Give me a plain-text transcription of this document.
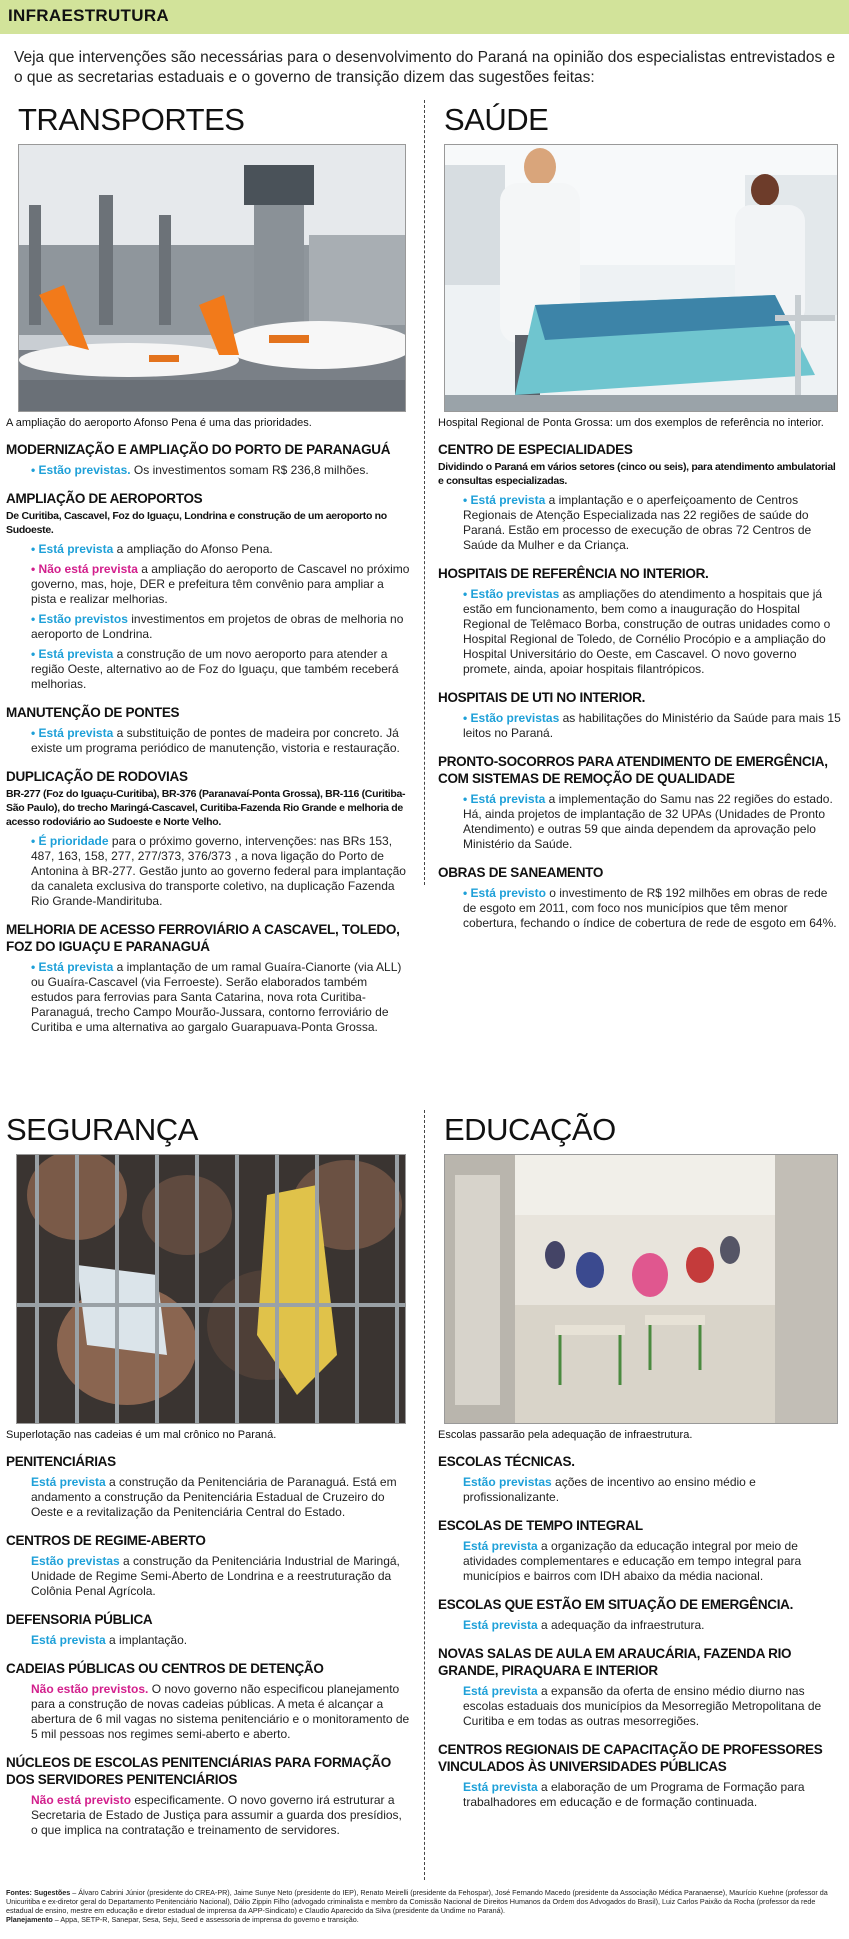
INFRAESTRUTURA
Veja que intervenções são necessárias para o desenvolvimento do Paraná na opinião dos especialistas entrevistados e o que as secretarias estaduais e o governo de transição dizem das sugestões feitas:
TRANSPORTES
A ampliação do aeroporto Afonso Pena é uma das prioridades.
MODERNIZAÇÃO E AMPLIAÇÃO DO PORTO DE PARANAGUÁ
• Estão previstas. Os investimentos somam R$ 236,8 milhões.
AMPLIAÇÃO DE AEROPORTOS
De Curitiba, Cascavel, Foz do Iguaçu, Londrina e construção de um aeroporto no Sudoeste.
• Está prevista a ampliação do Afonso Pena.
• Não está prevista a ampliação do aeroporto de Cascavel no próximo governo, mas, hoje, DER e prefeitura têm convênio para ampliar a pista e realizar melhorias.
• Estão previstos investimentos em projetos de obras de melhoria no aeroporto de Londrina.
• Está prevista a construção de um novo aeroporto para atender a região Oeste, alternativo ao de Foz do Iguaçu, que também receberá melhorias.
MANUTENÇÃO DE PONTES
• Está prevista a substituição de pontes de madeira por concreto. Já existe um programa periódico de manutenção, vistoria e restauração.
DUPLICAÇÃO DE RODOVIAS
BR-277 (Foz do Iguaçu-Curitiba), BR-376 (Paranavaí-Ponta Grossa), BR-116 (Curitiba-São Paulo), do trecho Maringá-Cascavel, Curitiba-Fazenda Rio Grande e melhoria de acesso rodoviário ao Sudoeste e Norte Velho.
• É prioridade para o próximo governo, intervenções: nas BRs 153, 487, 163, 158, 277, 277/373, 376/373 , a nova ligação do Porto de Antonina à BR-277. Gestão junto ao governo federal para implantação da canaleta exclusiva do transporte coletivo, na duplicação Fazenda Rio Grande-Mandirituba.
MELHORIA DE ACESSO FERROVIÁRIO A CASCAVEL, TOLEDO, FOZ DO IGUAÇU E PARANAGUÁ
• Está prevista a implantação de um ramal Guaíra-Cianorte (via ALL) ou Guaíra-Cascavel (via Ferroeste). Serão elaborados também estudos para ferrovias para Santa Catarina, nova rota Curitiba-Paranaguá, trecho Campo Mourão-Jussara, contorno ferroviário de Curitiba e uma alternativa ao gargalo Guarapuava-Ponta Grossa.
SAÚDE
Hospital Regional de Ponta Grossa: um dos exemplos de referência no interior.
CENTRO DE ESPECIALIDADES
Dividindo o Paraná em vários setores (cinco ou seis), para atendimento ambulatorial e consultas especializadas.
• Está prevista a implantação e o aperfeiçoamento de Centros Regionais de Atenção Especializada nas 22 regiões de saúde do Paraná. Estão em processo de execução de obras 72 Centros de Saúde da Mulher e da Criança.
HOSPITAIS DE REFERÊNCIA NO INTERIOR.
• Estão previstas as ampliações do atendimento a hospitais que já estão em funcionamento, bem como a inauguração do Hospital Regional de Telêmaco Borba, construção de outras unidades como o Hospital Regional de Toledo, de Cornélio Procópio e a ampliação do Hospital Universitário do Oeste, em Cascavel. O novo governo promete, ainda, apoiar hospitais filantrópicos.
HOSPITAIS DE UTI NO INTERIOR.
• Estão previstas as habilitações do Ministério da Saúde para mais 15 leitos no Paraná.
PRONTO-SOCORROS PARA ATENDIMENTO DE EMERGÊNCIA, COM SISTEMAS DE REMOÇÃO DE QUALIDADE
• Está prevista a implementação do Samu nas 22 regiões do estado. Há, ainda projetos de implantação de 32 UPAs (Unidades de Pronto Atendimento) e outras 59 que ainda dependem da aprovação pelo Ministério da Saúde.
OBRAS DE SANEAMENTO
• Está previsto o investimento de R$ 192 milhões em obras de rede de esgoto em 2011, com foco nos municípios que têm menor cobertura, fechando o índice de cobertura de rede de esgoto em 64%.
SEGURANÇA
Superlotação nas cadeias é um mal crônico no Paraná.
PENITENCIÁRIAS
Está prevista a construção da Penitenciária de Paranaguá. Está em andamento a construção da Penitenciária Estadual de Cruzeiro do Oeste e a revitalização da Penitenciária Central do Estado.
CENTROS DE REGIME-ABERTO
Estão previstas a construção da Penitenciária Industrial de Maringá, Unidade de Regime Semi-Aberto de Londrina e a reestruturação da Colônia Penal Agrícola.
DEFENSORIA PÚBLICA
Está prevista a implantação.
CADEIAS PÚBLICAS OU CENTROS DE DETENÇÃO
Não estão previstos. O novo governo não especificou planejamento para a construção de novas cadeias públicas. A meta é alcançar a abertura de 6 mil vagas no sistema penitenciário e o monitoramento de 5 mil pessoas nos regimes semi-aberto e aberto.
NÚCLEOS DE ESCOLAS PENITENCIÁRIAS PARA FORMAÇÃO DOS SERVIDORES PENITENCIÁRIOS
Não está previsto especificamente. O novo governo irá estruturar a Secretaria de Estado de Justiça para assumir a guarda dos presídios, o que implica na contratação e treinamento de servidores.
EDUCAÇÃO
Escolas passarão pela adequação de infraestrutura.
ESCOLAS TÉCNICAS.
Estão previstas ações de incentivo ao ensino médio e profissionalizante.
ESCOLAS DE TEMPO INTEGRAL
Está prevista a organização da educação integral por meio de atividades complementares e educação em tempo integral para municípios e bairros com IDH abaixo da média nacional.
ESCOLAS QUE ESTÃO EM SITUAÇÃO DE EMERGÊNCIA.
Está prevista a adequação da infraestrutura.
NOVAS SALAS DE AULA EM ARAUCÁRIA, FAZENDA RIO GRANDE, PIRAQUARA E INTERIOR
Está prevista a expansão da oferta de ensino médio diurno nas escolas estaduais dos municípios da Mesorregião Metropolitana de Curitiba e em todas as outras mesorregiões.
CENTROS REGIONAIS DE CAPACITAÇÃO DE PROFESSORES VINCULADOS ÀS UNIVERSIDADES PÚBLICAS
Está prevista a elaboração de um Programa de Formação para trabalhadores em educação e de formação continuada.
Fontes: Sugestões – Álvaro Cabrini Júnior (presidente do CREA-PR), Jaime Sunye Neto (presidente do IEP), Renato Meirelli (presidente da Fehospar), José Fernando Macedo (presidente da Associação Médica Paranaense), Maurício Kuehne (professor da Unicuritiba e ex-diretor geral do Departamento Penitenciário Nacional), Dálio Zippin Filho (advogado criminalista e membro da Comissão Nacional de Direitos Humanos da Ordem dos Advogados do Brasil), Luiz Carlos Paixão da Rocha (professor da rede estadual de ensino, mestre em educação e diretor estadual de imprensa da APP-Sindicato) e Claudio Aparecido da Silva (presidente da Undime no Paraná).
Planejamento – Appa, SETP-R, Sanepar, Sesa, Seju, Seed e assessoria de imprensa do governo e transição.
